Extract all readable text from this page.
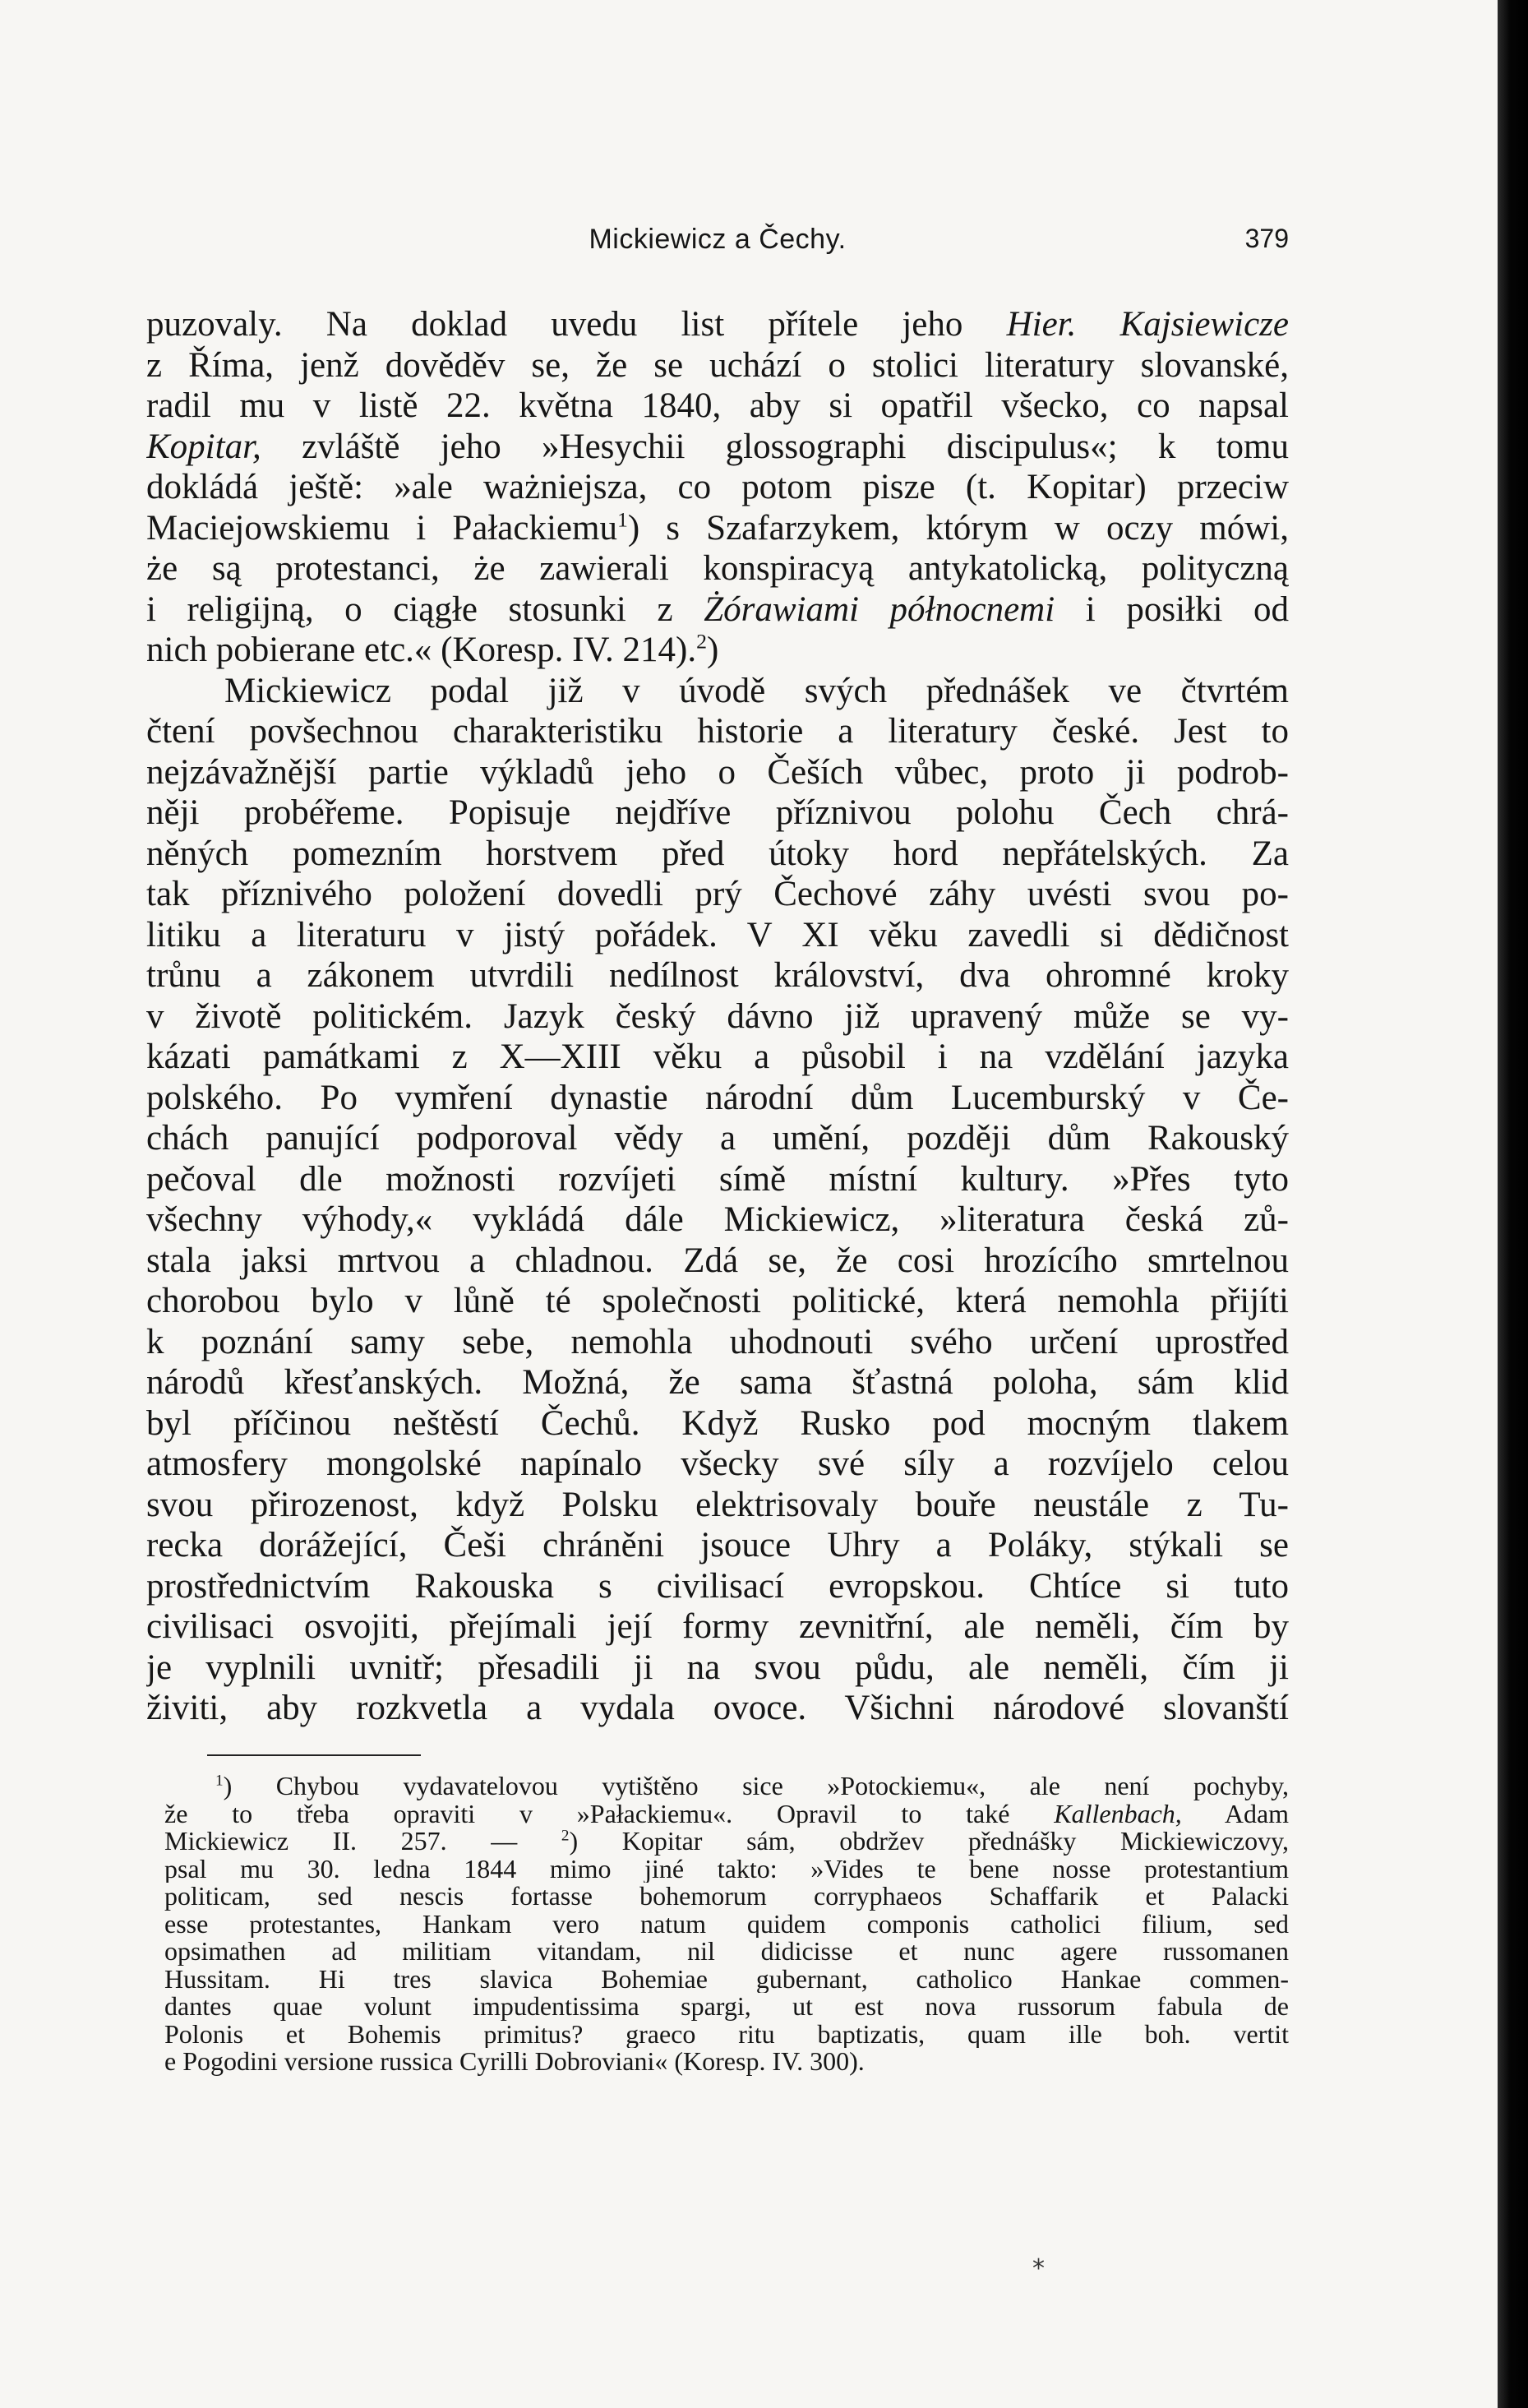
Mickiewicz a Čechy.	379
puzovaly. Na doklad uvedu list přítele jeho Hier. Kajsiewicze
z Říma, jenž dověděv se, že se uchází o stolici literatury slovanské,
radil mu v listě 22. května 1840, aby si opatřil všecko, co napsal
Kopitar, zvláště jeho »Hesychii glossographi discipulus«; k tomu
dokládá ještě: »ale ważniejsza, co potom pisze (t. Kopitar) przeciw
Maciejowskiemu i Pałackiemu$^1$) s Szafarzykem, którym w oczy mówi,
że są protestanci, że zawierali konspiracyą antykatolicką, polityczną
i religijną, o ciągłe stosunki z Żórawiami północnemi i posiłki od
nich pobierane etc.« (Koresp. IV. 214).$^2$)
Mickiewicz podal již v úvodě svých přednášek ve čtvrtém
čtení povšechnou charakteristiku historie a literatury české. Jest to
nejzávažnější partie výkladů jeho o Češích vůbec, proto ji podrob-
něji probéřeme. Popisuje nejdříve příznivou polohu Čech chrá-
něných pomezním horstvem před útoky hord nepřátelských. Za
tak příznivého položení dovedli prý Čechové záhy uvésti svou po-
litiku a literaturu v jistý pořádek. V XI věku zavedli si dědičnost
trůnu a zákonem utvrdili nedílnost království, dva ohromné kroky
v životě politickém. Jazyk český dávno již upravený může se vy-
kázati památkami z X—XIII věku a působil i na vzdělání jazyka
polského. Po vymření dynastie národní dům Lucemburský v Če-
chách panující podporoval vědy a umění, později dům Rakouský
pečoval dle možnosti rozvíjeti símě místní kultury. »Přes tyto
všechny výhody,« vykládá dále Mickiewicz, »literatura česká zů-
stala jaksi mrtvou a chladnou. Zdá se, že cosi hrozícího smrtelnou
chorobou bylo v lůně té společnosti politické, která nemohla přijíti
k poznání samy sebe, nemohla uhodnouti svého určení uprostřed
národů křesťanských. Možná, že sama šťastná poloha, sám klid
byl příčinou neštěstí Čechů. Když Rusko pod mocným tlakem
atmosfery mongolské napínalo všecky své síly a rozvíjelo celou
svou přirozenost, když Polsku elektrisovaly bouře neustále z Tu-
recka dorážející, Češi chráněni jsouce Uhry a Poláky, stýkali se
prostřednictvím Rakouska s civilisací evropskou. Chtíce si tuto
civilisaci osvojiti, přejímali její formy zevnitřní, ale neměli, čím by
je vyplnili uvnitř; přesadili ji na svou půdu, ale neměli, čím ji
živiti, aby rozkvetla a vydala ovoce. Všichni národové slovanští
$^1$) Chybou vydavatelovou vytištěno sice »Potockiemu«, ale není pochyby,
že to třeba opraviti v »Pałackiemu«. Opravil to také Kallenbach, Adam
Mickiewicz II. 257. —	$^2$) Kopitar sám, obdržev přednášky Mickiewiczovy,
psal mu 30. ledna 1844 mimo jiné takto: »Vides te bene nosse protestantium
politicam, sed nescis fortasse bohemorum corryphaeos Schaffarik et Palacki
esse protestantes, Hankam vero natum quidem componis catholici filium, sed
opsimathen ad militiam vitandam, nil didicisse et nunc agere russomanen
Hussitam. Hi tres slavica Bohemiae gubernant, catholico Hankae commen-
dantes quae volunt impudentissima spargi, ut est nova russorum fabula de
Polonis et Bohemis primitus? graeco ritu baptizatis, quam ille boh. vertit
e Pogodini versione russica Cyrilli Dobroviani« (Koresp. IV. 300).
*
